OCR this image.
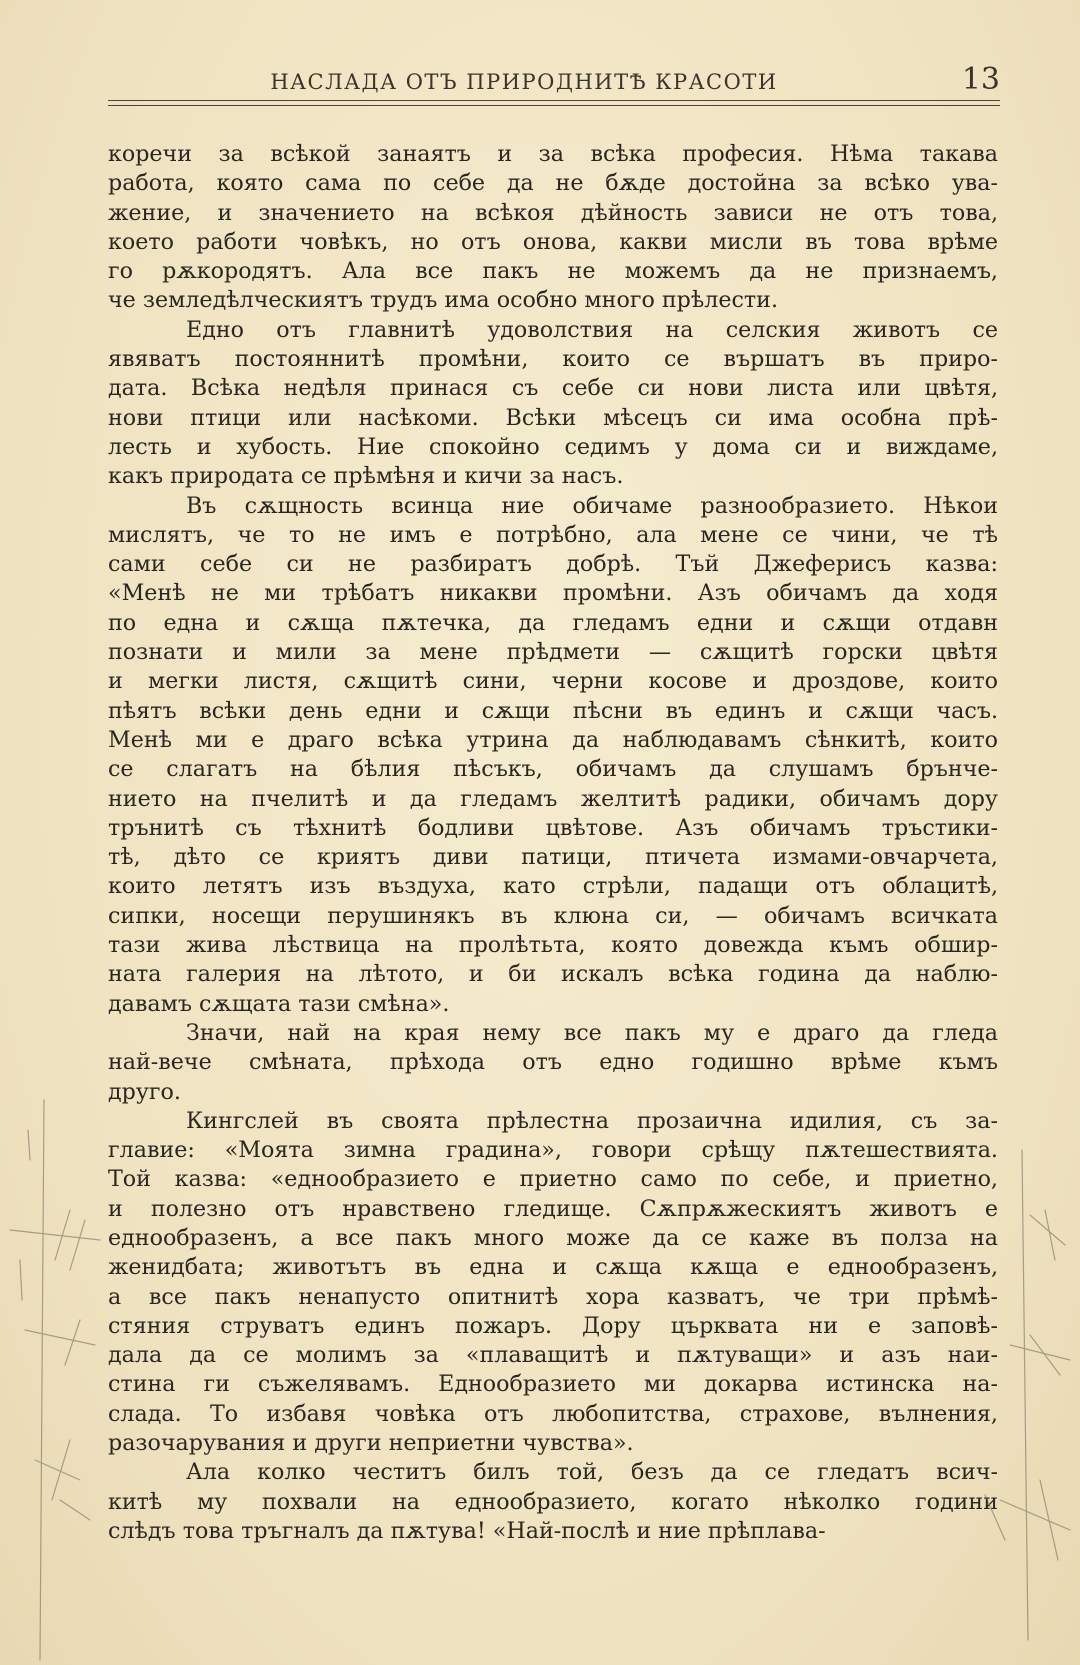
НАСЛАДА ОТЪ ПРИРОДНИТѢ КРАСОТИ	13

коречи за всѣкой занаятъ и за всѣка професия. Нѣма такава
работа, която сама по себе да не бѫде достойна за всѣко ува-
жение, и значението на всѣкоя дѣйность зависи не отъ това,
което работи човѣкъ, но отъ онова, какви мисли въ това врѣме
го рѫкородятъ. Ала все пакъ не можемъ да не признаемъ,
че земледѣлческиятъ трудъ има особно много прѣлести.

Едно отъ главнитѣ удоволствия на селския животъ се
явяватъ постояннитѣ промѣни, които се вършатъ въ приро-
дата. Всѣка недѣля принася съ себе си нови листа или цвѣтя,
нови птици или насѣкоми. Всѣки мѣсецъ си има особна прѣ-
лесть и хубость. Ние спокойно седимъ у дома си и виждаме,
какъ природата се прѣмѣня и кичи за насъ.

Въ сѫщность всинца ние обичаме разнообразието. Нѣкои
мислятъ, че то не имъ е потрѣбно, ала мене се чини, че тѣ
сами себе си не разбиратъ добрѣ. Тъй Джеферисъ казва:
«Менѣ не ми трѣбатъ никакви промѣни. Азъ обичамъ да ходя
по една и сѫща пѫтечка, да гледамъ едни и сѫщи отдавн
познати и мили за мене прѣдмети — сѫщитѣ горски цвѣтя
и мегки листя, сѫщитѣ сини, черни косове и дроздове, които
пѣятъ всѣки день едни и сѫщи пѣсни въ единъ и сѫщи часъ.
Менѣ ми е драго всѣка утрина да наблюдавамъ сѣнкитѣ, които
се слагатъ на бѣлия пѣсъкъ, обичамъ да слушамъ брънче-
нието на пчелитѣ и да гледамъ желтитѣ радики, обичамъ дору
трънитѣ съ тѣхнитѣ бодливи цвѣтове. Азъ обичамъ тръстики-
тѣ, дѣто се криятъ диви патици, птичета измами-овчарчета,
които летятъ изъ въздуха, като стрѣли, падащи отъ облацитѣ,
сипки, носещи перушинякъ въ клюна си, — обичамъ всичката
тази жива лѣствица на пролѣтьта, която довежда къмъ обшир-
ната галерия на лѣтото, и би искалъ всѣка година да наблю-
давамъ сѫщата тази смѣна».

Значи, най на края нему все пакъ му е драго да гледа
най-вече смѣната, прѣхода отъ едно годишно врѣме къмъ
друго.

Кингслей въ своята прѣлестна прозаична идилия, съ за-
главие: «Моята зимна градина», говори срѣщу пѫтешествията.
Той казва: «еднообразието е приетно само по себе, и приетно,
и полезно отъ нравствено гледище. Сѫпрѫжескиятъ животъ е
еднообразенъ, а все пакъ много може да се каже въ полза на
женидбата; животътъ въ една и сѫща кѫща е еднообразенъ,
а все пакъ ненапусто опитнитѣ хора казватъ, че три прѣмѣ-
стяния струватъ единъ пожаръ. Дору църквата ни е заповѣ-
дала да се молимъ за «плаващитѣ и пѫтуващи» и азъ наи-
стина ги съжелявамъ. Еднообразието ми докарва истинска на-
слада. То избавя човѣка отъ любопитства, страхове, вълнения,
разочарувания и други неприетни чувства».

Ала колко честитъ билъ той, безъ да се гледатъ всич-
китѣ му похвали на еднообразието, когато нѣколко години
слѣдъ това тръгналъ да пѫтува! «Най-послѣ и ние прѣплава-
